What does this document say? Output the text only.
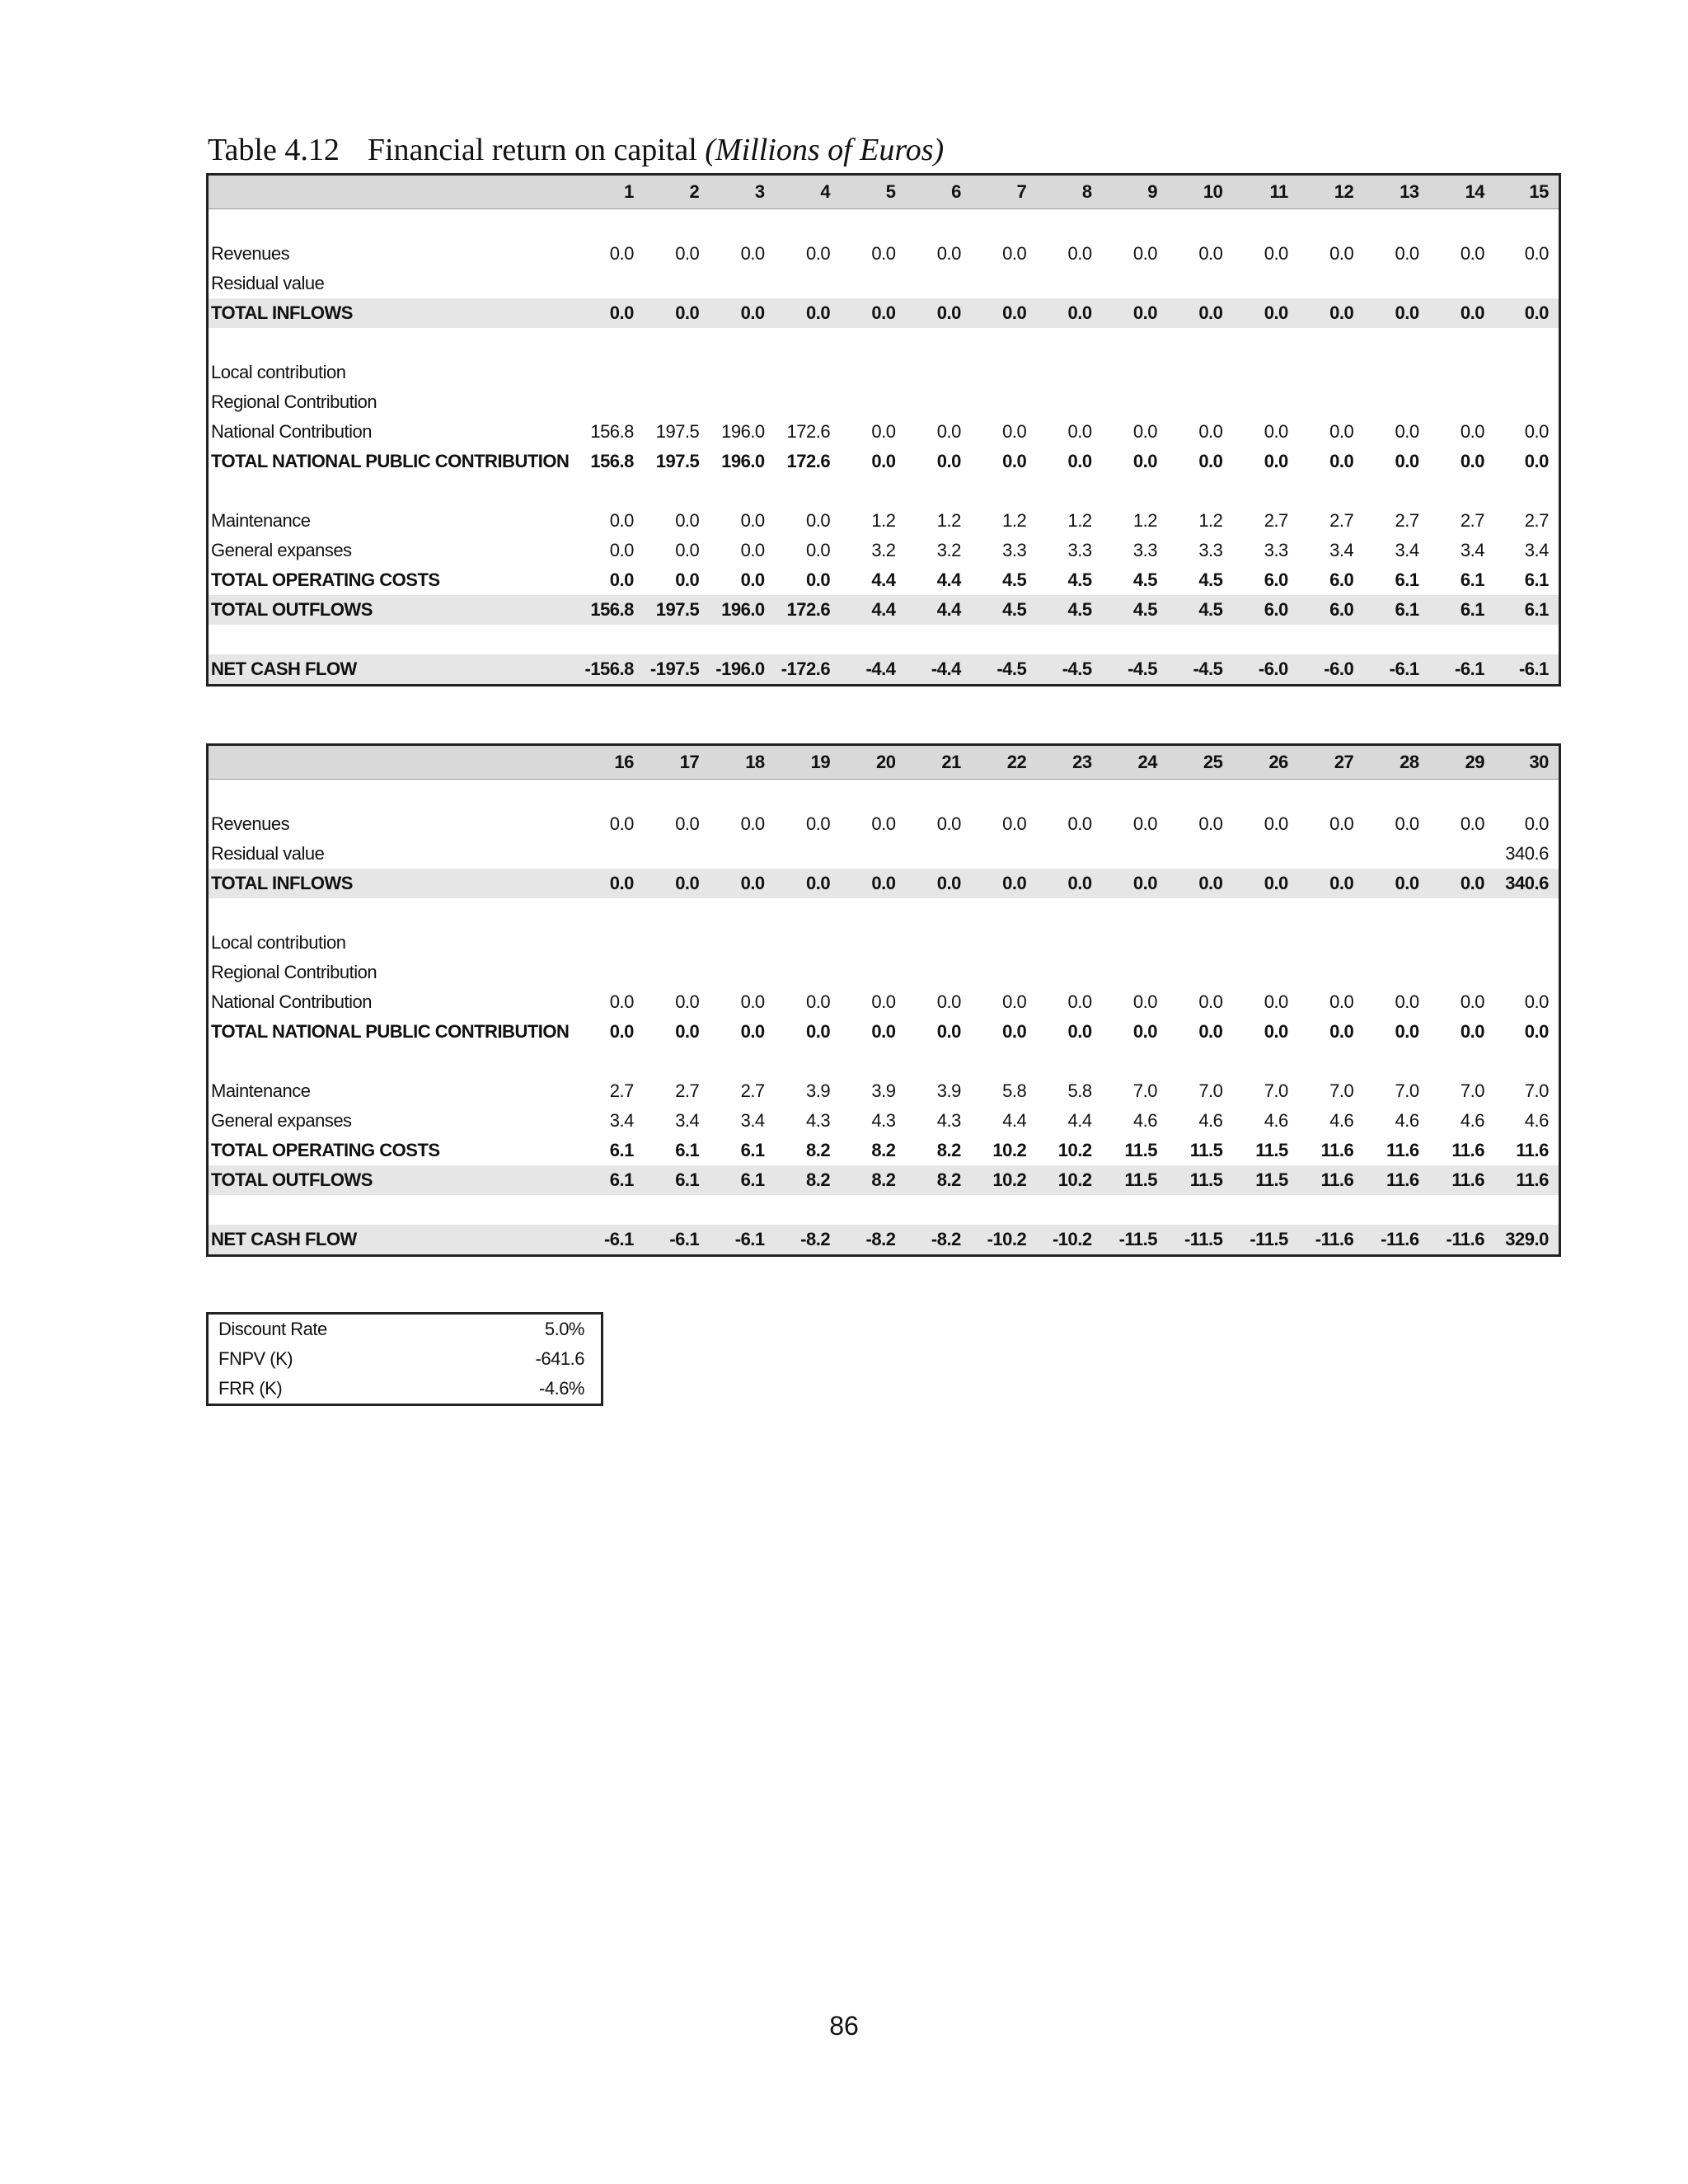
Table 4.12 Financial return on capital (Millions of Euros)
	1	2	3	4	5	6	7	8	9	10	11	12	13	14	15

Revenues	0.0	0.0	0.0	0.0	0.0	0.0	0.0	0.0	0.0	0.0	0.0	0.0	0.0	0.0	0.0
Residual value															
TOTAL INFLOWS	0.0	0.0	0.0	0.0	0.0	0.0	0.0	0.0	0.0	0.0	0.0	0.0	0.0	0.0	0.0

Local contribution															
Regional Contribution															
National Contribution	156.8	197.5	196.0	172.6	0.0	0.0	0.0	0.0	0.0	0.0	0.0	0.0	0.0	0.0	0.0
TOTAL NATIONAL PUBLIC CONTRIBUTION	156.8	197.5	196.0	172.6	0.0	0.0	0.0	0.0	0.0	0.0	0.0	0.0	0.0	0.0	0.0

Maintenance	0.0	0.0	0.0	0.0	1.2	1.2	1.2	1.2	1.2	1.2	2.7	2.7	2.7	2.7	2.7
General expanses	0.0	0.0	0.0	0.0	3.2	3.2	3.3	3.3	3.3	3.3	3.3	3.4	3.4	3.4	3.4
TOTAL OPERATING COSTS	0.0	0.0	0.0	0.0	4.4	4.4	4.5	4.5	4.5	4.5	6.0	6.0	6.1	6.1	6.1
TOTAL OUTFLOWS	156.8	197.5	196.0	172.6	4.4	4.4	4.5	4.5	4.5	4.5	6.0	6.0	6.1	6.1	6.1

NET CASH FLOW	-156.8	-197.5	-196.0	-172.6	-4.4	-4.4	-4.5	-4.5	-4.5	-4.5	-6.0	-6.0	-6.1	-6.1	-6.1
	16	17	18	19	20	21	22	23	24	25	26	27	28	29	30

Revenues	0.0	0.0	0.0	0.0	0.0	0.0	0.0	0.0	0.0	0.0	0.0	0.0	0.0	0.0	0.0
Residual value															340.6
TOTAL INFLOWS	0.0	0.0	0.0	0.0	0.0	0.0	0.0	0.0	0.0	0.0	0.0	0.0	0.0	0.0	340.6

Local contribution															
Regional Contribution															
National Contribution	0.0	0.0	0.0	0.0	0.0	0.0	0.0	0.0	0.0	0.0	0.0	0.0	0.0	0.0	0.0
TOTAL NATIONAL PUBLIC CONTRIBUTION	0.0	0.0	0.0	0.0	0.0	0.0	0.0	0.0	0.0	0.0	0.0	0.0	0.0	0.0	0.0

Maintenance	2.7	2.7	2.7	3.9	3.9	3.9	5.8	5.8	7.0	7.0	7.0	7.0	7.0	7.0	7.0
General expanses	3.4	3.4	3.4	4.3	4.3	4.3	4.4	4.4	4.6	4.6	4.6	4.6	4.6	4.6	4.6
TOTAL OPERATING COSTS	6.1	6.1	6.1	8.2	8.2	8.2	10.2	10.2	11.5	11.5	11.5	11.6	11.6	11.6	11.6
TOTAL OUTFLOWS	6.1	6.1	6.1	8.2	8.2	8.2	10.2	10.2	11.5	11.5	11.5	11.6	11.6	11.6	11.6

NET CASH FLOW	-6.1	-6.1	-6.1	-8.2	-8.2	-8.2	-10.2	-10.2	-11.5	-11.5	-11.5	-11.6	-11.6	-11.6	329.0
Discount Rate	5.0%
FNPV (K)	-641.6
FRR (K)	-4.6%
86
